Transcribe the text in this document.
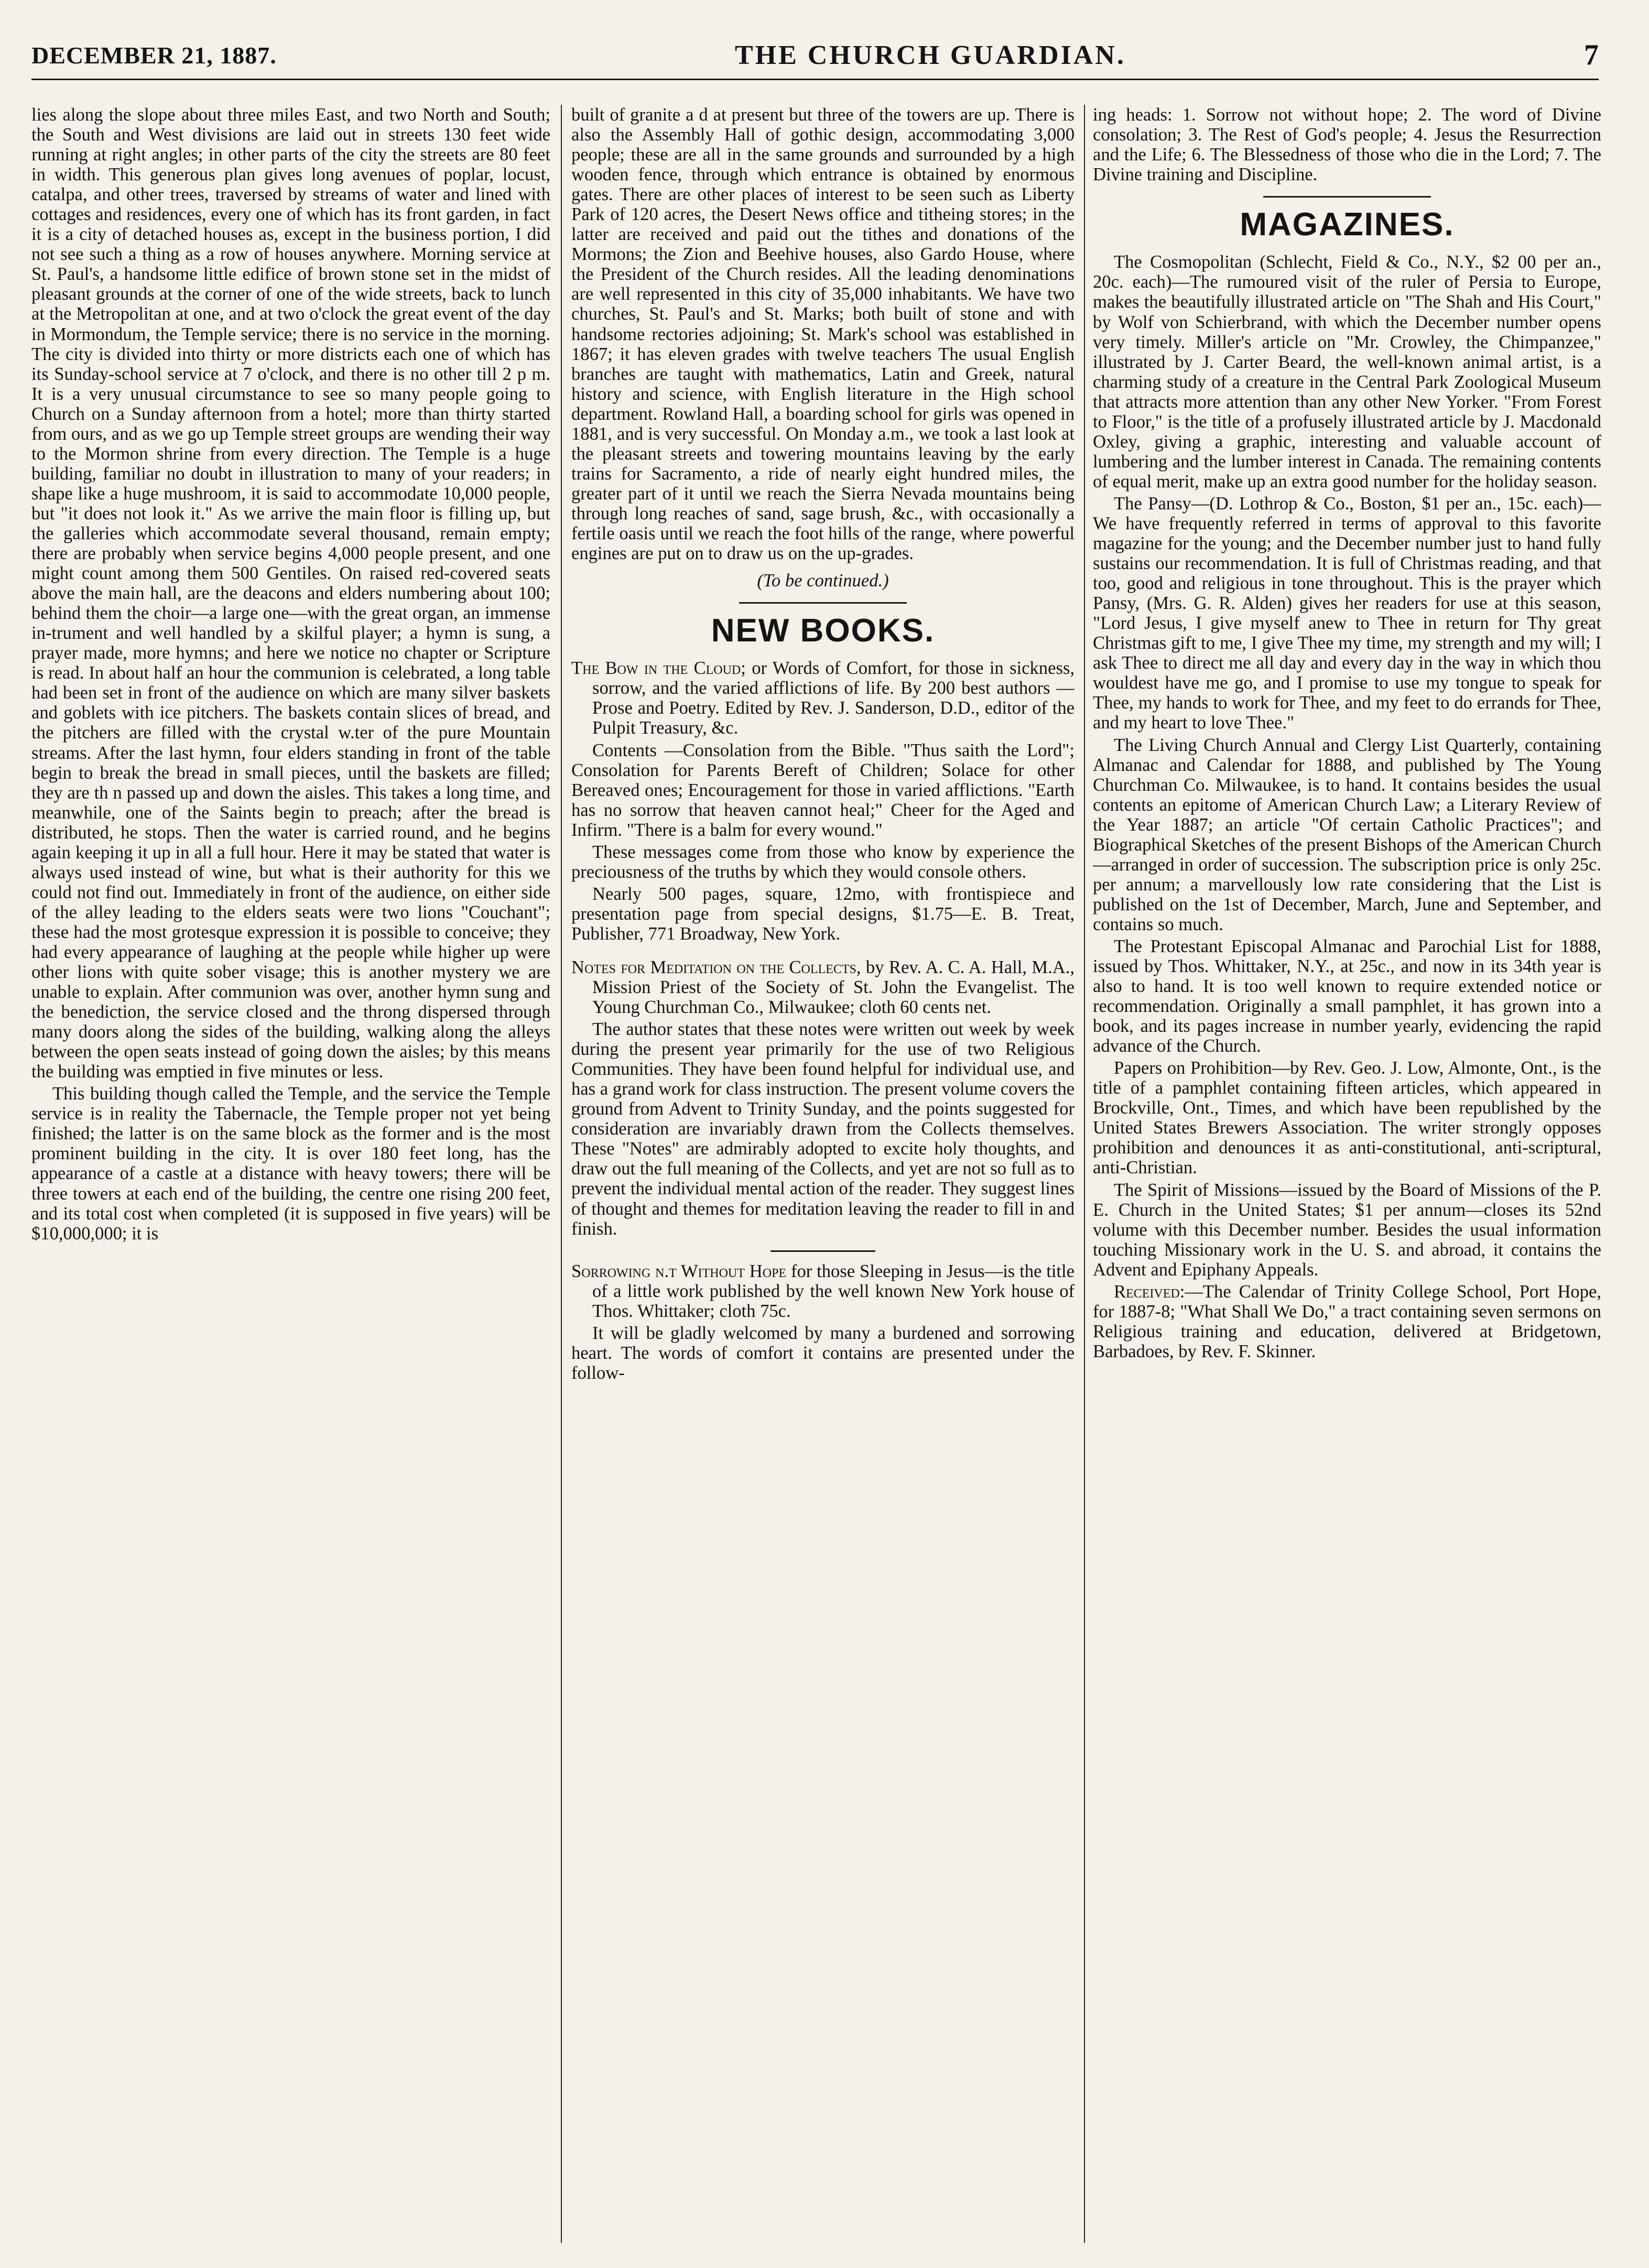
DECEMBER 21, 1887.	THE CHURCH GUARDIAN.	7

lies along the slope about three miles East, and two North and South; the South and West divisions are laid out in streets 130 feet wide running at right angles; in other parts of the city the streets are 80 feet in width. This generous plan gives long avenues of poplar, locust, catalpa, and other trees, traversed by streams of water and lined with cottages and residences, every one of which has its front garden, in fact it is a city of detached houses as, except in the business portion, I did not see such a thing as a row of houses anywhere. Morning service at St. Paul's, a handsome little edifice of brown stone set in the midst of pleasant grounds at the corner of one of the wide streets, back to lunch at the Metropolitan at one, and at two o'clock the great event of the day in Mormondum, the Temple service; there is no service in the morning. The city is divided into thirty or more districts each one of which has its Sunday-school service at 7 o'clock, and there is no other till 2 p m. It is a very unusual circumstance to see so many people going to Church on a Sunday afternoon from a hotel; more than thirty started from ours, and as we go up Temple street groups are wending their way to the Mormon shrine from every direction. The Temple is a huge building, familiar no doubt in illustration to many of your readers; in shape like a huge mushroom, it is said to accommodate 10,000 people, but "it does not look it." As we arrive the main floor is filling up, but the galleries which accommodate several thousand, remain empty; there are probably when service begins 4,000 people present, and one might count among them 500 Gentiles. On raised red-covered seats above the main hall, are the deacons and elders numbering about 100; behind them the choir—a large one—with the great organ, an immense in-trument and well handled by a skilful player; a hymn is sung, a prayer made, more hymns; and here we notice no chapter or Scripture is read. In about half an hour the communion is celebrated, a long table had been set in front of the audience on which are many silver baskets and goblets with ice pitchers. The baskets contain slices of bread, and the pitchers are filled with the crystal w.ter of the pure Mountain streams. After the last hymn, four elders standing in front of the table begin to break the bread in small pieces, until the baskets are filled; they are th n passed up and down the aisles. This takes a long time, and meanwhile, one of the Saints begin to preach; after the bread is distributed, he stops. Then the water is carried round, and he begins again keeping it up in all a full hour. Here it may be stated that water is always used instead of wine, but what is their authority for this we could not find out. Immediately in front of the audience, on either side of the alley leading to the elders seats were two lions "Couchant"; these had the most grotesque expression it is possible to conceive; they had every appearance of laughing at the people while higher up were other lions with quite sober visage; this is another mystery we are unable to explain. After communion was over, another hymn sung and the benediction, the service closed and the throng dispersed through many doors along the sides of the building, walking along the alleys between the open seats instead of going down the aisles; by this means the building was emptied in five minutes or less.

This building though called the Temple, and the service the Temple service is in reality the Tabernacle, the Temple proper not yet being finished; the latter is on the same block as the former and is the most prominent building in the city. It is over 180 feet long, has the appearance of a castle at a distance with heavy towers; there will be three towers at each end of the building, the centre one rising 200 feet, and its total cost when completed (it is supposed in five years) will be $10,000,000; it is

built of granite a d at present but three of the towers are up. There is also the Assembly Hall of gothic design, accommodating 3,000 people; these are all in the same grounds and surrounded by a high wooden fence, through which entrance is obtained by enormous gates. There are other places of interest to be seen such as Liberty Park of 120 acres, the Desert News office and titheing stores; in the latter are received and paid out the tithes and donations of the Mormons; the Zion and Beehive houses, also Gardo House, where the President of the Church resides. All the leading denominations are well represented in this city of 35,000 inhabitants. We have two churches, St. Paul's and St. Marks; both built of stone and with handsome rectories adjoining; St. Mark's school was established in 1867; it has eleven grades with twelve teachers The usual English branches are taught with mathematics, Latin and Greek, natural history and science, with English literature in the High school department. Rowland Hall, a boarding school for girls was opened in 1881, and is very successful. On Monday a.m., we took a last look at the pleasant streets and towering mountains leaving by the early trains for Sacramento, a ride of nearly eight hundred miles, the greater part of it until we reach the Sierra Nevada mountains being through long reaches of sand, sage brush, &c., with occasionally a fertile oasis until we reach the foot hills of the range, where powerful engines are put on to draw us on the up-grades.

(To be continued.)

NEW BOOKS.

The Bow in the Cloud; or Words of Comfort, for those in sickness, sorrow, and the varied afflictions of life. By 200 best authors —Prose and Poetry. Edited by Rev. J. Sanderson, D.D., editor of the Pulpit Treasury, &c.

Contents —Consolation from the Bible. "Thus saith the Lord"; Consolation for Parents Bereft of Children; Solace for other Bereaved ones; Encouragement for those in varied afflictions. "Earth has no sorrow that heaven cannot heal;" Cheer for the Aged and Infirm. "There is a balm for every wound."

These messages come from those who know by experience the preciousness of the truths by which they would console others.

Nearly 500 pages, square, 12mo, with frontispiece and presentation page from special designs, $1.75—E. B. Treat, Publisher, 771 Broadway, New York.

Notes for Meditation on the Collects, by Rev. A. C. A. Hall, M.A., Mission Priest of the Society of St. John the Evangelist. The Young Churchman Co., Milwaukee; cloth 60 cents net.

The author states that these notes were written out week by week during the present year primarily for the use of two Religious Communities. They have been found helpful for individual use, and has a grand work for class instruction. The present volume covers the ground from Advent to Trinity Sunday, and the points suggested for consideration are invariably drawn from the Collects themselves. These "Notes" are admirably adopted to excite holy thoughts, and draw out the full meaning of the Collects, and yet are not so full as to prevent the individual mental action of the reader. They suggest lines of thought and themes for meditation leaving the reader to fill in and finish.

Sorrowing n.t Without Hope for those Sleeping in Jesus—is the title of a little work published by the well known New York house of Thos. Whittaker; cloth 75c.

It will be gladly welcomed by many a burdened and sorrowing heart. The words of comfort it contains are presented under the follow-

ing heads: 1. Sorrow not without hope; 2. The word of Divine consolation; 3. The Rest of God's people; 4. Jesus the Resurrection and the Life; 6. The Blessedness of those who die in the Lord; 7. The Divine training and Discipline.

MAGAZINES.

The Cosmopolitan (Schlecht, Field & Co., N.Y., $2 00 per an., 20c. each)—The rumoured visit of the ruler of Persia to Europe, makes the beautifully illustrated article on "The Shah and His Court," by Wolf von Schierbrand, with which the December number opens very timely. Miller's article on "Mr. Crowley, the Chimpanzee," illustrated by J. Carter Beard, the well-known animal artist, is a charming study of a creature in the Central Park Zoological Museum that attracts more attention than any other New Yorker. "From Forest to Floor," is the title of a profusely illustrated article by J. Macdonald Oxley, giving a graphic, interesting and valuable account of lumbering and the lumber interest in Canada. The remaining contents of equal merit, make up an extra good number for the holiday season.

The Pansy—(D. Lothrop & Co., Boston, $1 per an., 15c. each)—We have frequently referred in terms of approval to this favorite magazine for the young; and the December number just to hand fully sustains our recommendation. It is full of Christmas reading, and that too, good and religious in tone throughout. This is the prayer which Pansy, (Mrs. G. R. Alden) gives her readers for use at this season, "Lord Jesus, I give myself anew to Thee in return for Thy great Christmas gift to me, I give Thee my time, my strength and my will; I ask Thee to direct me all day and every day in the way in which thou wouldest have me go, and I promise to use my tongue to speak for Thee, my hands to work for Thee, and my feet to do errands for Thee, and my heart to love Thee."

The Living Church Annual and Clergy List Quarterly, containing Almanac and Calendar for 1888, and published by The Young Churchman Co. Milwaukee, is to hand. It contains besides the usual contents an epitome of American Church Law; a Literary Review of the Year 1887; an article "Of certain Catholic Practices"; and Biographical Sketches of the present Bishops of the American Church—arranged in order of succession. The subscription price is only 25c. per annum; a marvellously low rate considering that the List is published on the 1st of December, March, June and September, and contains so much.

The Protestant Episcopal Almanac and Parochial List for 1888, issued by Thos. Whittaker, N.Y., at 25c., and now in its 34th year is also to hand. It is too well known to require extended notice or recommendation. Originally a small pamphlet, it has grown into a book, and its pages increase in number yearly, evidencing the rapid advance of the Church.

Papers on Prohibition—by Rev. Geo. J. Low, Almonte, Ont., is the title of a pamphlet containing fifteen articles, which appeared in Brockville, Ont., Times, and which have been republished by the United States Brewers Association. The writer strongly opposes prohibition and denounces it as anti-constitutional, anti-scriptural, anti-Christian.

The Spirit of Missions—issued by the Board of Missions of the P. E. Church in the United States; $1 per annum—closes its 52nd volume with this December number. Besides the usual information touching Missionary work in the U. S. and abroad, it contains the Advent and Epiphany Appeals.

Received:—The Calendar of Trinity College School, Port Hope, for 1887-8; "What Shall We Do," a tract containing seven sermons on Religious training and education, delivered at Bridgetown, Barbadoes, by Rev. F. Skinner.
